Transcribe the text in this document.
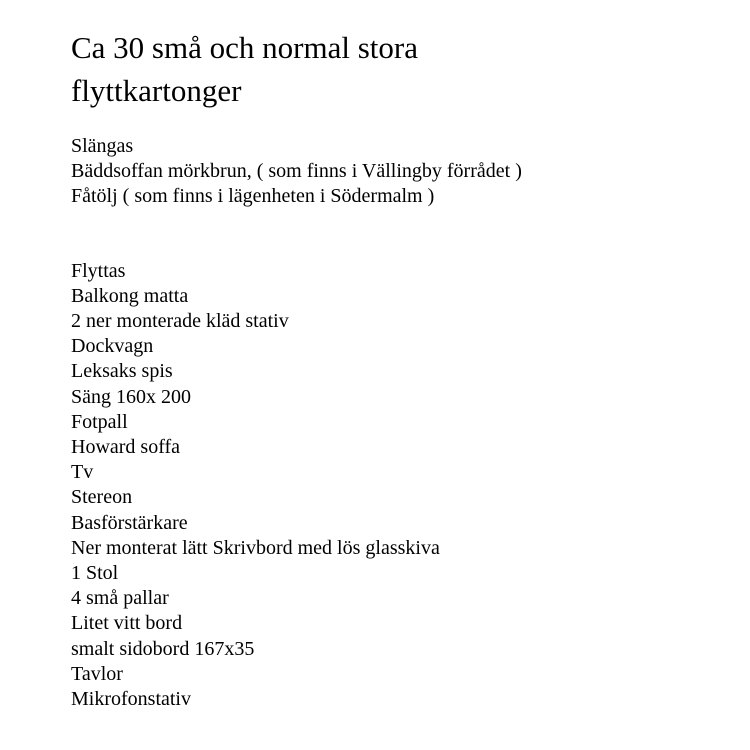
Ca 30 små och normal stora
flyttkartonger
Slängas
Bäddsoffan mörkbrun, ( som finns i Vällingby förrådet )
Fåtölj ( som finns i lägenheten i Södermalm )
Flyttas
Balkong matta
2 ner monterade kläd stativ
Dockvagn
Leksaks spis
Säng 160x 200
Fotpall
Howard soffa
Tv
Stereon
Basförstärkare
Ner monterat lätt Skrivbord med lös glasskiva
1 Stol
4 små pallar
Litet vitt bord
smalt sidobord 167x35
Tavlor
Mikrofonstativ
